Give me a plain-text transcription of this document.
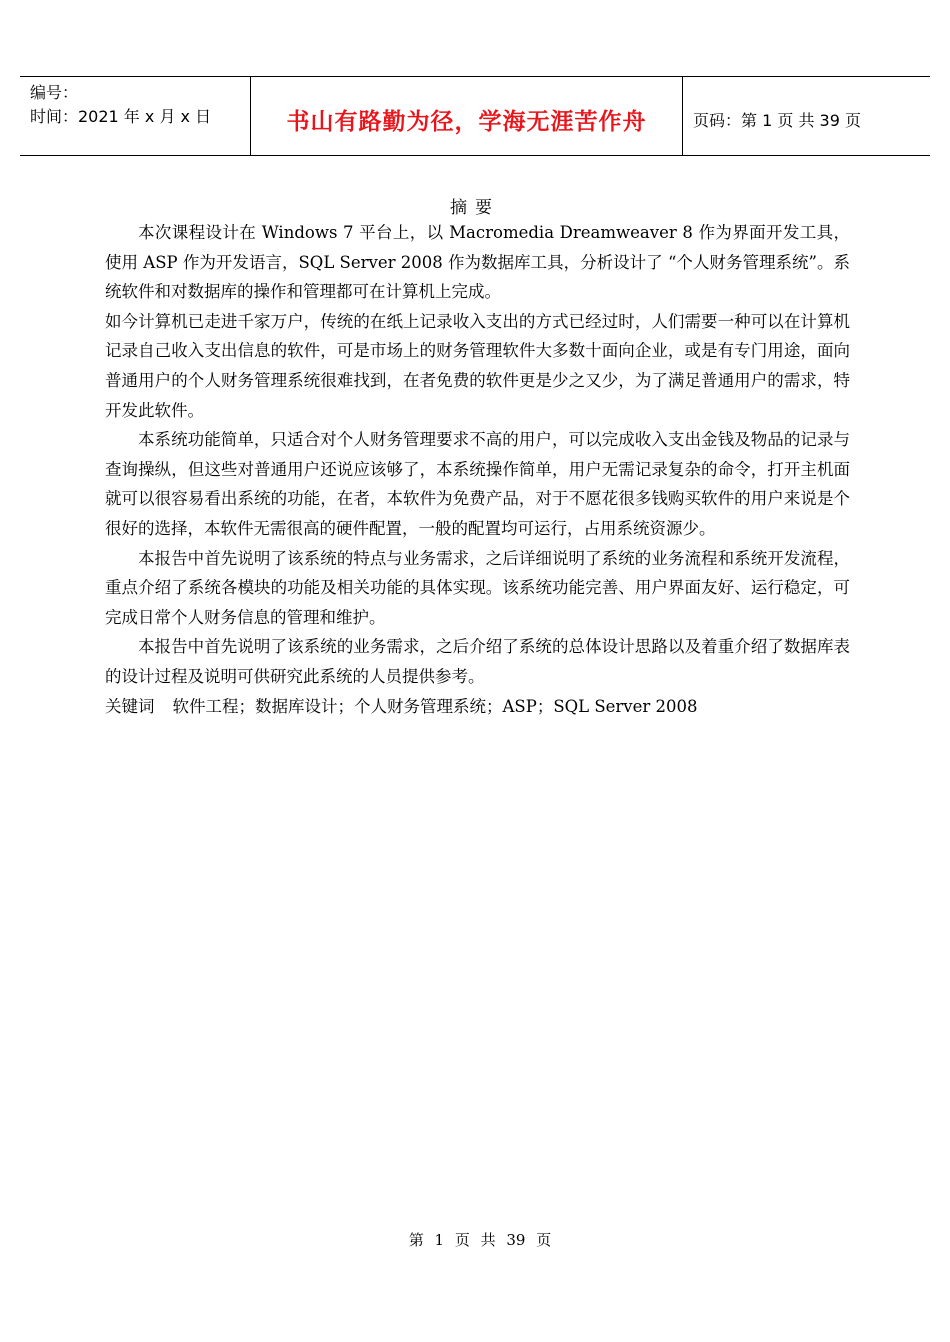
编号：
时间：2021 年 x 月 x 日	书山有路勤为径，学海无涯苦作舟	页码：第 1 页 共 39 页
摘要

本次课程设计在 Windows 7 平台上，以 Macromedia Dreamweaver 8 作为界面开发工具，使用 ASP 作为开发语言，SQL Server 2008 作为数据库工具，分析设计了 “个人财务管理系统”。系统软件和对数据库的操作和管理都可在计算机上完成。

如今计算机已走进千家万户，传统的在纸上记录收入支出的方式已经过时，人们需要一种可以在计算机记录自己收入支出信息的软件，可是市场上的财务管理软件大多数十面向企业，或是有专门用途，面向普通用户的个人财务管理系统很难找到，在者免费的软件更是少之又少，为了满足普通用户的需求，特开发此软件。

本系统功能简单，只适合对个人财务管理要求不高的用户，可以完成收入支出金钱及物品的记录与查询操纵，但这些对普通用户还说应该够了，本系统操作简单，用户无需记录复杂的命令，打开主机面就可以很容易看出系统的功能，在者，本软件为免费产品，对于不愿花很多钱购买软件的用户来说是个很好的选择，本软件无需很高的硬件配置，一般的配置均可运行，占用系统资源少。

本报告中首先说明了该系统的特点与业务需求，之后详细说明了系统的业务流程和系统开发流程，重点介绍了系统各模块的功能及相关功能的具体实现。该系统功能完善、用户界面友好、运行稳定，可完成日常个人财务信息的管理和维护。

本报告中首先说明了该系统的业务需求，之后介绍了系统的总体设计思路以及着重介绍了数据库表的设计过程及说明可供研究此系统的人员提供参考。

关键词 软件工程；数据库设计；个人财务管理系统；ASP；SQL Server 2008

第 1 页 共 39 页
